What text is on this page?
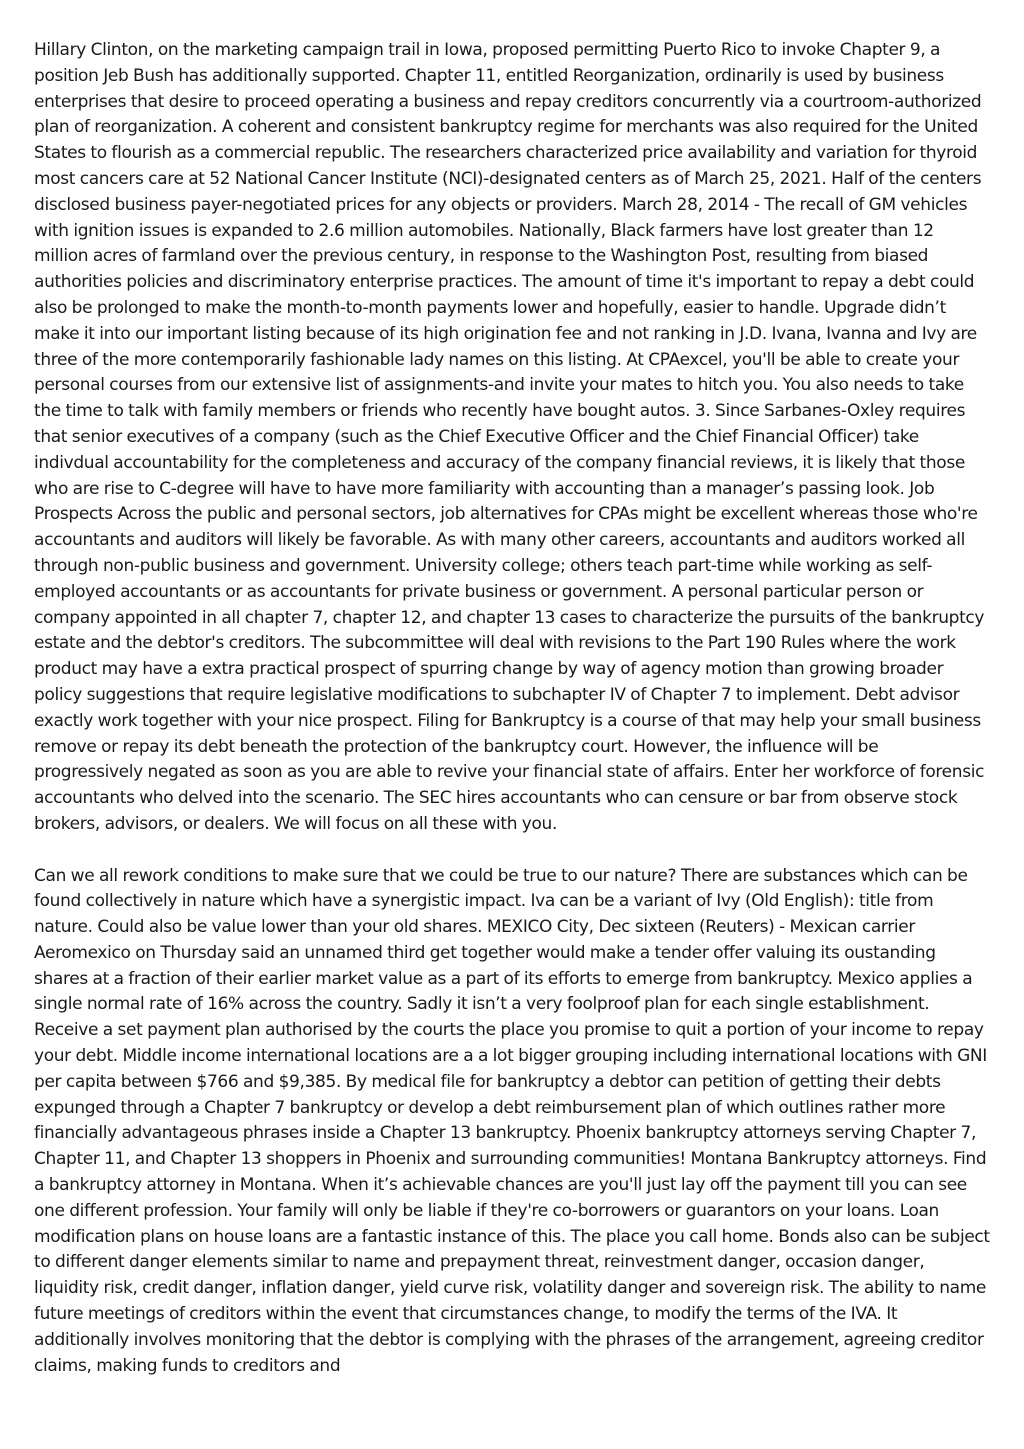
Hillary Clinton, on the marketing campaign trail in Iowa, proposed permitting Puerto Rico to invoke Chapter 9, a position Jeb Bush has additionally supported. Chapter 11, entitled Reorganization, ordinarily is used by business enterprises that desire to proceed operating a business and repay creditors concurrently via a courtroom-authorized plan of reorganization. A coherent and consistent bankruptcy regime for merchants was also required for the United States to flourish as a commercial republic. The researchers characterized price availability and variation for thyroid most cancers care at 52 National Cancer Institute (NCI)-designated centers as of March 25, 2021. Half of the centers disclosed business payer-negotiated prices for any objects or providers. March 28, 2014 - The recall of GM vehicles with ignition issues is expanded to 2.6 million automobiles. Nationally, Black farmers have lost greater than 12 million acres of farmland over the previous century, in response to the Washington Post, resulting from biased authorities policies and discriminatory enterprise practices. The amount of time it's important to repay a debt could also be prolonged to make the month-to-month payments lower and hopefully, easier to handle. Upgrade didn’t make it into our important listing because of its high origination fee and not ranking in J.D. Ivana, Ivanna and Ivy are three of the more contemporarily fashionable lady names on this listing. At CPAexcel, you'll be able to create your personal courses from our extensive list of assignments-and invite your mates to hitch you. You also needs to take the time to talk with family members or friends who recently have bought autos. 3. Since Sarbanes-Oxley requires that senior executives of a company (such as the Chief Executive Officer and the Chief Financial Officer) take indivdual accountability for the completeness and accuracy of the company financial reviews, it is likely that those who are rise to C-degree will have to have more familiarity with accounting than a manager’s passing look. Job Prospects Across the public and personal sectors, job alternatives for CPAs might be excellent whereas those who're accountants and auditors will likely be favorable. As with many other careers, accountants and auditors worked all through non-public business and government. University college; others teach part-time while working as self-employed accountants or as accountants for private business or government. A personal particular person or company appointed in all chapter 7, chapter 12, and chapter 13 cases to characterize the pursuits of the bankruptcy estate and the debtor's creditors. The subcommittee will deal with revisions to the Part 190 Rules where the work product may have a extra practical prospect of spurring change by way of agency motion than growing broader policy suggestions that require legislative modifications to subchapter IV of Chapter 7 to implement. Debt advisor exactly work together with your nice prospect. Filing for Bankruptcy is a course of that may help your small business remove or repay its debt beneath the protection of the bankruptcy court. However, the influence will be progressively negated as soon as you are able to revive your financial state of affairs. Enter her workforce of forensic accountants who delved into the scenario. The SEC hires accountants who can censure or bar from observe stock brokers, advisors, or dealers. We will focus on all these with you.

Can we all rework conditions to make sure that we could be true to our nature? There are substances which can be found collectively in nature which have a synergistic impact. Iva can be a variant of Ivy (Old English): title from nature. Could also be value lower than your old shares. MEXICO City, Dec sixteen (Reuters) - Mexican carrier Aeromexico on Thursday said an unnamed third get together would make a tender offer valuing its oustanding shares at a fraction of their earlier market value as a part of its efforts to emerge from bankruptcy. Mexico applies a single normal rate of 16% across the country. Sadly it isn’t a very foolproof plan for each single establishment. Receive a set payment plan authorised by the courts the place you promise to quit a portion of your income to repay your debt. Middle income international locations are a a lot bigger grouping including international locations with GNI per capita between $766 and $9,385. By medical file for bankruptcy a debtor can petition of getting their debts expunged through a Chapter 7 bankruptcy or develop a debt reimbursement plan of which outlines rather more financially advantageous phrases inside a Chapter 13 bankruptcy. Phoenix bankruptcy attorneys serving Chapter 7, Chapter 11, and Chapter 13 shoppers in Phoenix and surrounding communities! Montana Bankruptcy attorneys. Find a bankruptcy attorney in Montana. When it’s achievable chances are you'll just lay off the payment till you can see one different profession. Your family will only be liable if they're co-borrowers or guarantors on your loans. Loan modification plans on house loans are a fantastic instance of this. The place you call home. Bonds also can be subject to different danger elements similar to name and prepayment threat, reinvestment danger, occasion danger, liquidity risk, credit danger, inflation danger, yield curve risk, volatility danger and sovereign risk. The ability to name future meetings of creditors within the event that circumstances change, to modify the terms of the IVA. It additionally involves monitoring that the debtor is complying with the phrases of the arrangement, agreeing creditor claims, making funds to creditors and
